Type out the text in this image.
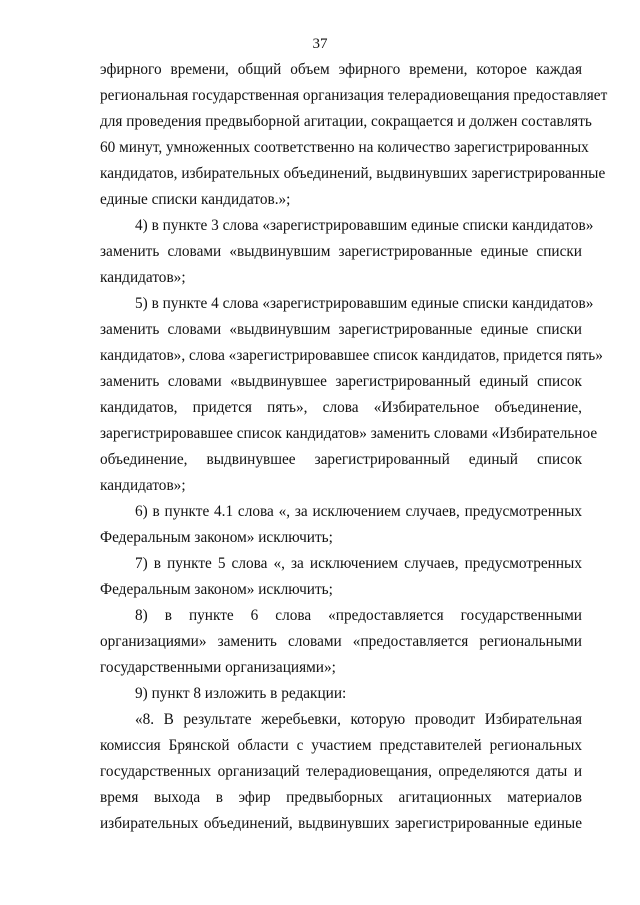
37
эфирного времени, общий объем эфирного времени, которое каждая
региональная государственная организация телерадиовещания предоставляет
для проведения предвыборной агитации, сокращается и должен составлять
60 минут, умноженных соответственно на количество зарегистрированных
кандидатов, избирательных объединений, выдвинувших зарегистрированные
единые списки кандидатов.»;
4) в пункте 3 слова «зарегистрировавшим единые списки кандидатов»
заменить словами «выдвинувшим зарегистрированные единые списки
кандидатов»;
5) в пункте 4 слова «зарегистрировавшим единые списки кандидатов»
заменить словами «выдвинувшим зарегистрированные единые списки
кандидатов», слова «зарегистрировавшее список кандидатов, придется пять»
заменить словами «выдвинувшее зарегистрированный единый список
кандидатов, придется пять», слова «Избирательное объединение,
зарегистрировавшее список кандидатов» заменить словами «Избирательное
объединение, выдвинувшее зарегистрированный единый список
кандидатов»;
6) в пункте 4.1 слова «, за исключением случаев, предусмотренных
Федеральным законом» исключить;
7) в пункте 5 слова «, за исключением случаев, предусмотренных
Федеральным законом» исключить;
8) в пункте 6 слова «предоставляется государственными
организациями» заменить словами «предоставляется региональными
государственными организациями»;
9) пункт 8 изложить в редакции:
«8. В результате жеребьевки, которую проводит Избирательная
комиссия Брянской области с участием представителей региональных
государственных организаций телерадиовещания, определяются даты и
время выхода в эфир предвыборных агитационных материалов
избирательных объединений, выдвинувших зарегистрированные единые
